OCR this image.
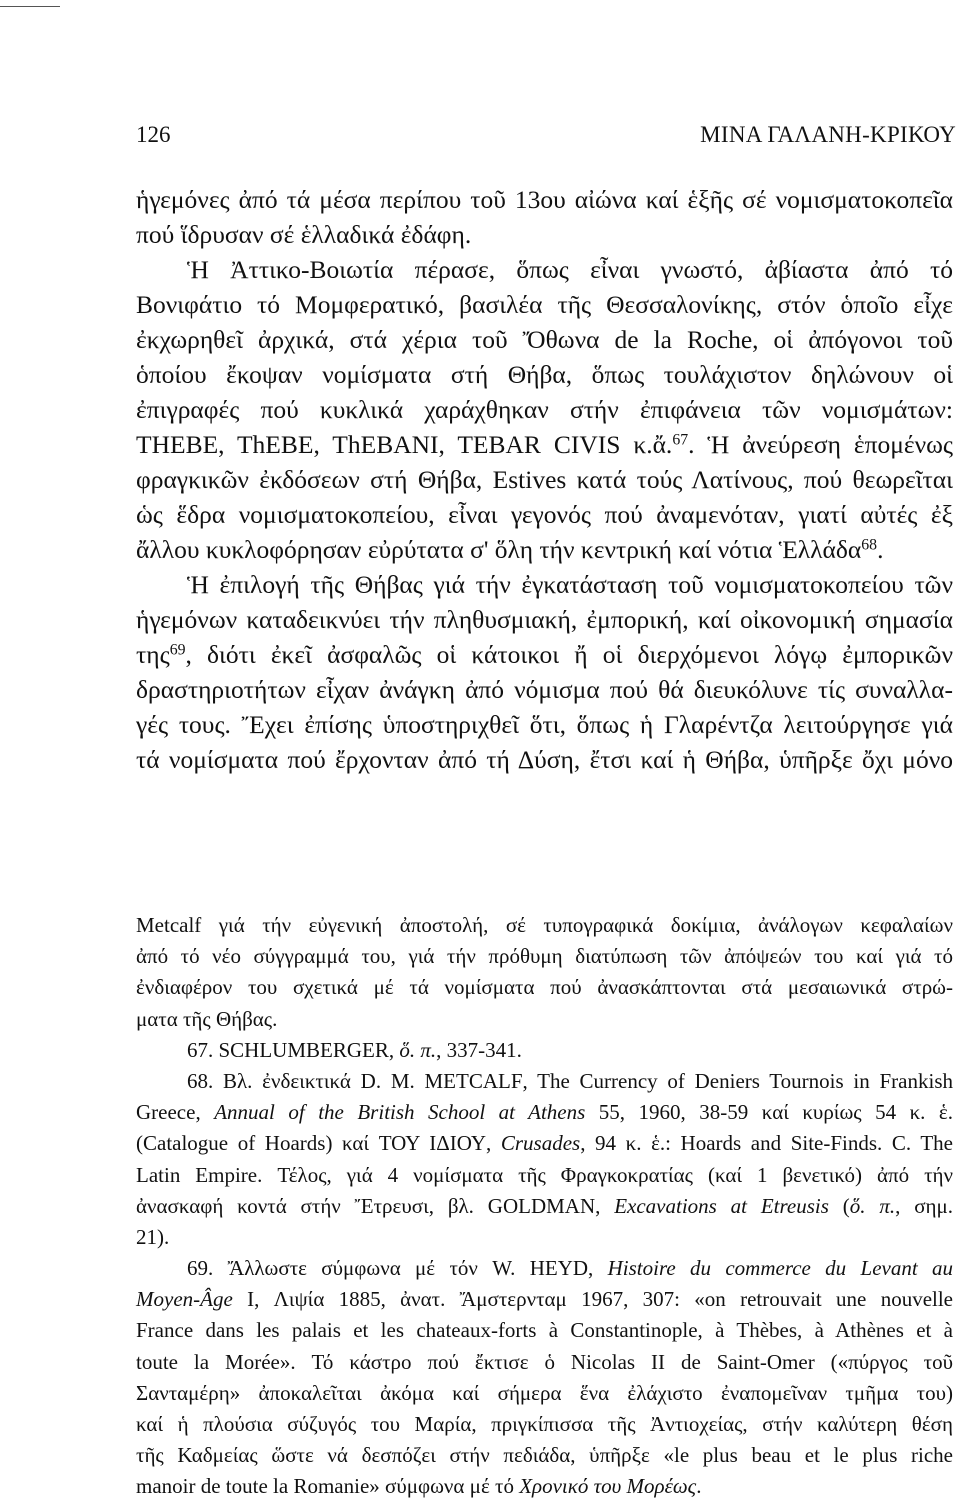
126	ΜΙΝΑ ΓΑΛΑΝΗ-ΚΡΙΚΟΥ
ἡγεμόνες ἀπό τά μέσα περίπου τοῦ 13ου αἰώνα καί ἑξῆς σέ νομισματοκοπεῖα
πού ἵδρυσαν σέ ἑλλαδικά ἐδάφη.
Ἡ Ἀττικο-Βοιωτία πέρασε, ὅπως εἶναι γνωστό, ἀβίαστα ἀπό τό
Βονιφάτιο τό Μομφερατικό, βασιλέα τῆς Θεσσαλονίκης, στόν ὁποῖο εἶχε
ἐκχωρηθεῖ ἀρχικά, στά χέρια τοῦ Ὄθωνα de la Roche, οἱ ἀπόγονοι τοῦ
ὁποίου ἔκοψαν νομίσματα στή Θήβα, ὅπως τουλάχιστον δηλώνουν οἱ
ἐπιγραφές πού κυκλικά χαράχθηκαν στήν ἐπιφάνεια τῶν νομισμάτων:
THEBE, ThEBE, ThEBANI, TEBAR CIVIS κ.ἄ.$^{67}$. Ἡ ἀνεύρεση ἑπομένως
φραγκικῶν ἐκδόσεων στή Θήβα, Estives κατά τούς Λατίνους, πού θεωρεῖται
ὡς ἕδρα νομισματοκοπείου, εἶναι γεγονός πού ἀναμενόταν, γιατί αὐτές ἐξ
ἄλλου κυκλοφόρησαν εὐρύτατα σ' ὅλη τήν κεντρική καί νότια Ἑλλάδα$^{68}$.
Ἡ ἐπιλογή τῆς Θήβας γιά τήν ἐγκατάσταση τοῦ νομισματοκοπείου τῶν
ἡγεμόνων καταδεικνύει τήν πληθυσμιακή, ἐμπορική, καί οἰκονομική σημασία
της$^{69}$, διότι ἐκεῖ ἀσφαλῶς οἱ κάτοικοι ἤ οἱ διερχόμενοι λόγῳ ἐμπορικῶν
δραστηριοτήτων εἶχαν ἀνάγκη ἀπό νόμισμα πού θά διευκόλυνε τίς συναλλα-
γές τους. Ἔχει ἐπίσης ὑποστηριχθεῖ ὅτι, ὅπως ἡ Γλαρέντζα λειτούργησε γιά
τά νομίσματα πού ἔρχονταν ἀπό τή Δύση, ἔτσι καί ἡ Θήβα, ὑπῆρξε ὄχι μόνο
Metcalf γιά τήν εὐγενική ἀποστολή, σέ τυπογραφικά δοκίμια, ἀνάλογων κεφαλαίων
ἀπό τό νέο σύγγραμμά του, γιά τήν πρόθυμη διατύπωση τῶν ἀπόψεών του καί γιά τό
ἐνδιαφέρον του σχετικά μέ τά νομίσματα πού ἀνασκάπτονται στά μεσαιωνικά στρώ-
ματα τῆς Θήβας.
67. SCHLUMBERGER, ὅ. π., 337-341.
68. Βλ. ἐνδεικτικά D. M. METCALF, The Currency of Deniers Tournois in Frankish
Greece, Annual of the British School at Athens 55, 1960, 38-59 καί κυρίως 54 κ. ἑ.
(Catalogue of Hoards) καί ΤΟΥ ΙΔΙΟΥ, Crusades, 94 κ. ἑ.: Hoards and Site-Finds. C. The
Latin Empire. Τέλος, γιά 4 νομίσματα τῆς Φραγκοκρατίας (καί 1 βενετικό) ἀπό τήν
ἀνασκαφή κοντά στήν Ἔτρευσι, βλ. GOLDMAN, Excavations at Etreusis (ὅ. π., σημ.
21).
69. Ἄλλωστε σύμφωνα μέ τόν W. HEYD, Histoire du commerce du Levant au
Moyen-Âge I, Λιψία 1885, ἀνατ. Ἄμστερνταμ 1967, 307: «on retrouvait une nouvelle
France dans les palais et les chateaux-forts à Constantinople, à Thèbes, à Athènes et à
toute la Morée». Τό κάστρο πού ἔκτισε ὁ Nicolas II de Saint-Omer («πύργος τοῦ
Σανταμέρη» ἀποκαλεῖται ἀκόμα καί σήμερα ἕνα ἐλάχιστο ἐναπομεῖναν τμῆμα του)
καί ἡ πλούσια σύζυγός του Μαρία, πριγκίπισσα τῆς Ἀντιοχείας, στήν καλύτερη θέση
τῆς Καδμείας ὥστε νά δεσπόζει στήν πεδιάδα, ὑπῆρξε «le plus beau et le plus riche
manoir de toute la Romanie» σύμφωνα μέ τό Χρονικό του Μορέως.
